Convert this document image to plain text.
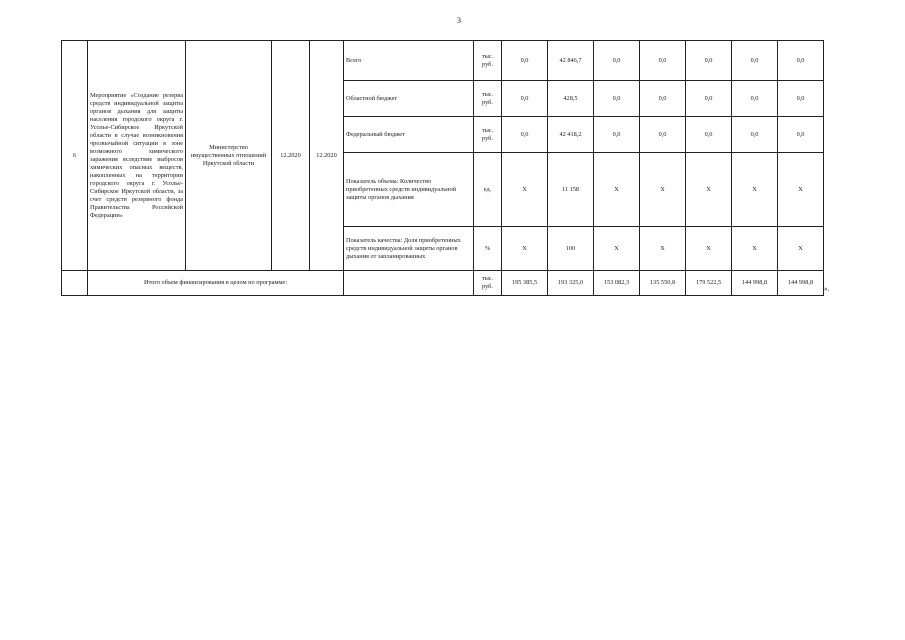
3
6	Мероприятие «Создание резерва средств индивидуальной защиты органов дыхания для защиты населения городского округа г. Усолье-Сибирское Иркутской области в случае возникновения чрезвычайной ситуации в зоне возможного химического заражения вследствие выбросов химических опасных веществ, накопленных на территории городского округа г. Усолье-Сибирское Иркутской области, за счет средств резервного фонда Правительства Российской Федерации»	Министерство имущественных отношений Иркутской области	12.2020	12.2020	Всего	тыс. руб.	0,0	42 846,7	0,0	0,0	0,0	0,0	0,0
					Областной бюджет	тыс. руб.	0,0	428,5	0,0	0,0	0,0	0,0	0,0
					Федеральный бюджет	тыс. руб.	0,0	42 418,2	0,0	0,0	0,0	0,0	0,0
					Показатель объема: Количество приобретенных средств индивидуальной защиты органов дыхания	ед.	Х	11 158	Х	Х	Х	Х	Х
					Показатель качества: Доля приобретенных средств индивидуальной защиты органов дыхания от запланированных	%	Х	100	Х	Х	Х	Х	Х
	Итого объем финансирования в целом по программе:					тыс. руб.	195 385,5	193 325,0	153 082,3	135 550,8	179 522,5	144 998,8	144 998,8
».
